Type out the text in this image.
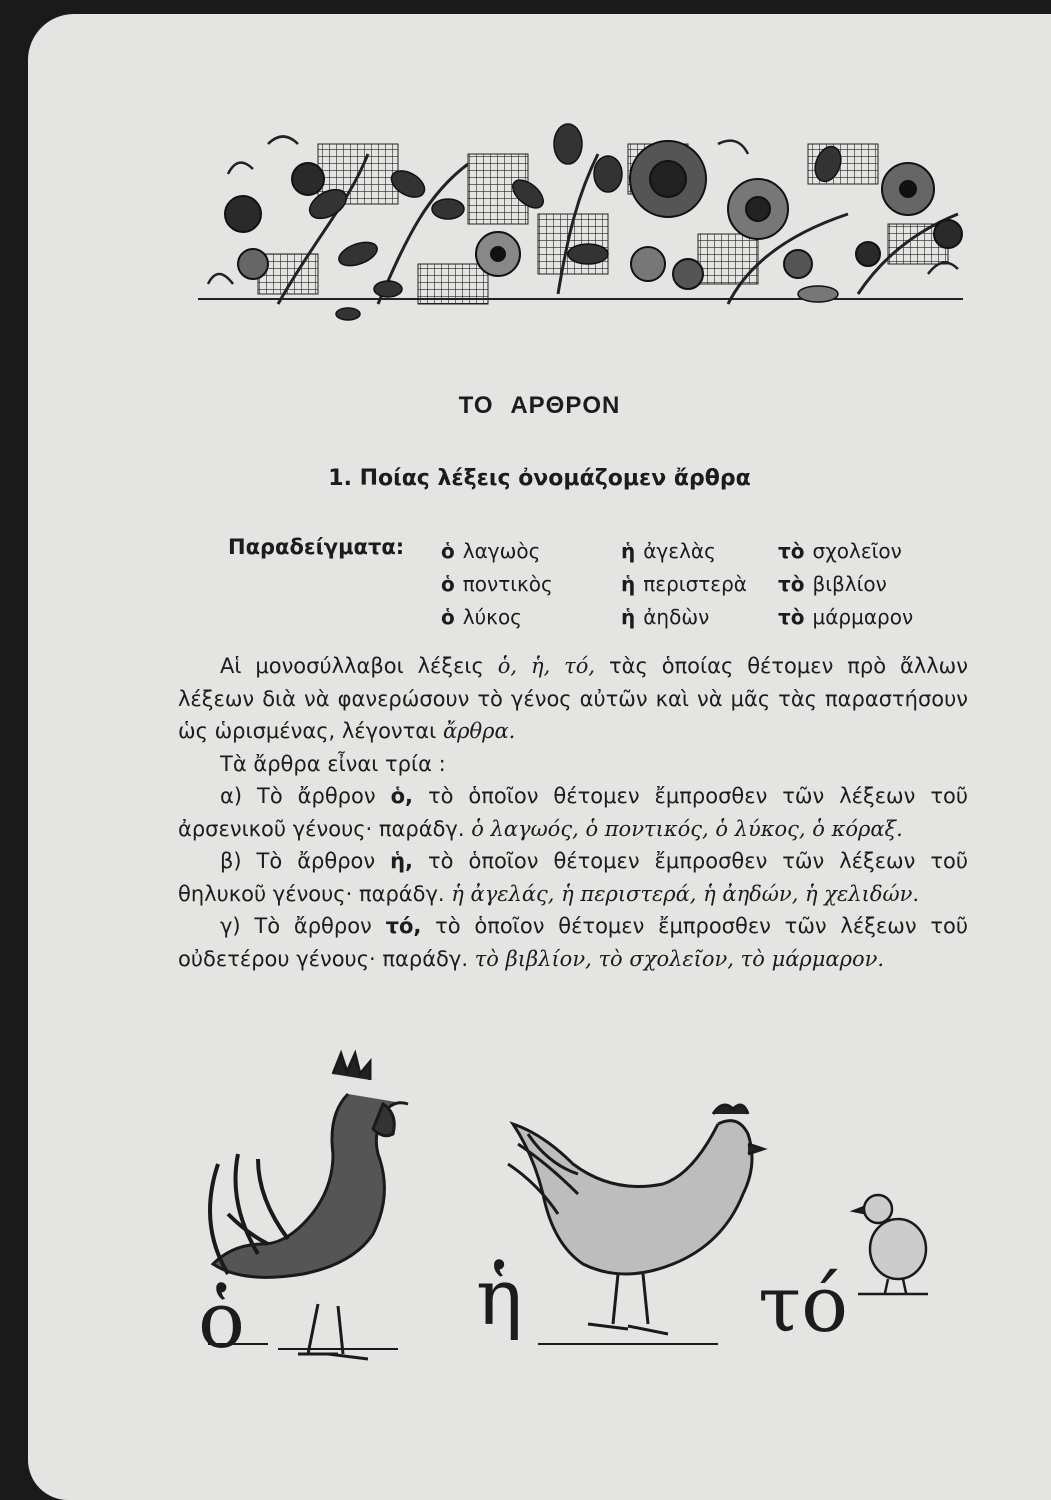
ΤΟ ΑΡΘΡΟΝ
1. Ποίας λέξεις ὀνομάζομεν ἄρθρα
Παραδείγματα: ὁ λαγωὸς
ὁ ποντικὸς
ὁ λύκος
ἡ ἀγελὰς
ἡ περιστερὰ
ἡ ἀηδὼν
τὸ σχολεῖον
τὸ βιβλίον
τὸ μάρμαρον

Αἱ μονοσύλλαβοι λέξεις ὁ, ἡ, τό, τὰς ὁποίας θέτομεν πρὸ ἄλλων λέξεων διὰ νὰ φανερώσουν τὸ γένος αὐτῶν καὶ νὰ μᾶς τὰς παραστήσουν ὡς ὡρισμένας, λέγονται ἄρθρα.

Τὰ ἄρθρα εἶναι τρία :

α) Τὸ ἄρθρον ὁ, τὸ ὁποῖον θέτομεν ἔμπροσθεν τῶν λέξεων τοῦ ἀρσενικοῦ γένους· παράδγ. ὁ λαγωός, ὁ ποντικός, ὁ λύκος, ὁ κόραξ.

β) Τὸ ἄρθρον ἡ, τὸ ὁποῖον θέτομεν ἔμπροσθεν τῶν λέξεων τοῦ θηλυκοῦ γένους· παράδγ. ἡ ἀγελάς, ἡ περιστερά, ἡ ἀηδών, ἡ χελιδών.

γ) Τὸ ἄρθρον τό, τὸ ὁποῖον θέτομεν ἔμπροσθεν τῶν λέξεων τοῦ οὐδετέρου γένους· παράδγ. τὸ βιβλίον, τὸ σχολεῖον, τὸ μάρμαρον.

ὁ	ἡ	τό
